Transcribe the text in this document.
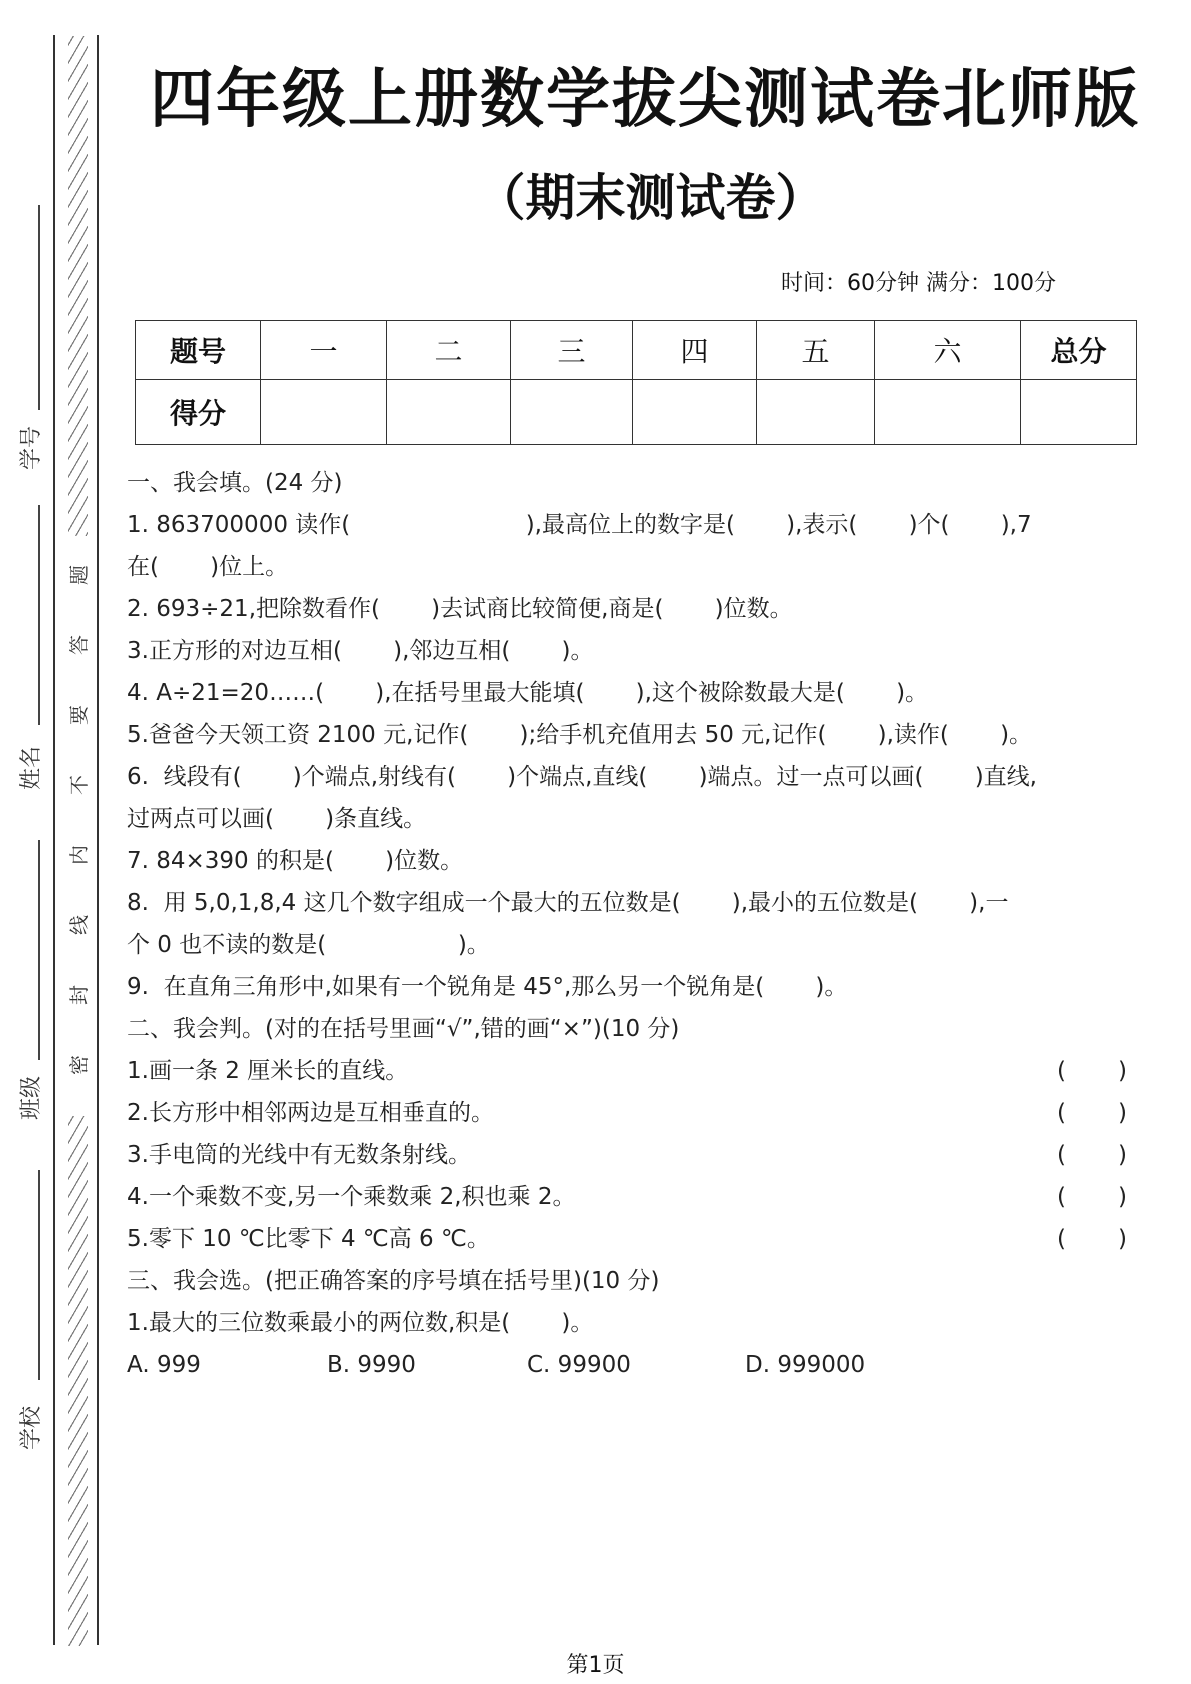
题
答
要
不
内
线
封
密
学号
姓名
班级
学校
四年级上册数学拔尖测试卷北师版
（期末测试卷）
时间：60分钟 满分：100分
题号	一	二	三	四	五	六	总分
得分							
一、我会填。(24 分)
1. 863700000 读作(                        ),最高位上的数字是(       ),表示(       )个(       ),7
在(       )位上。
2. 693÷21,把除数看作(       )去试商比较简便,商是(       )位数。
3.正方形的对边互相(       ),邻边互相(       )。
4. A÷21=20……(       ),在括号里最大能填(       ),这个被除数最大是(       )。
5.爸爸今天领工资 2100 元,记作(       );给手机充值用去 50 元,记作(       ),读作(       )。
6.  线段有(       )个端点,射线有(       )个端点,直线(       )端点。过一点可以画(       )直线,
过两点可以画(       )条直线。
7. 84×390 的积是(       )位数。
8.  用 5,0,1,8,4 这几个数字组成一个最大的五位数是(       ),最小的五位数是(       ),一
个 0 也不读的数是(                  )。
9.  在直角三角形中,如果有一个锐角是 45°,那么另一个锐角是(       )。
二、我会判。(对的在括号里画“√”,错的画“×”)(10 分)
1.画一条 2 厘米长的直线。	( )
2.长方形中相邻两边是互相垂直的。	( )
3.手电筒的光线中有无数条射线。	( )
4.一个乘数不变,另一个乘数乘 2,积也乘 2。	( )
5.零下 10 ℃比零下 4 ℃高 6 ℃。	( )
三、我会选。(把正确答案的序号填在括号里)(10 分)
1.最大的三位数乘最小的两位数,积是(       )。
A. 999	B. 9990	C. 99900	D. 999000
第1页
